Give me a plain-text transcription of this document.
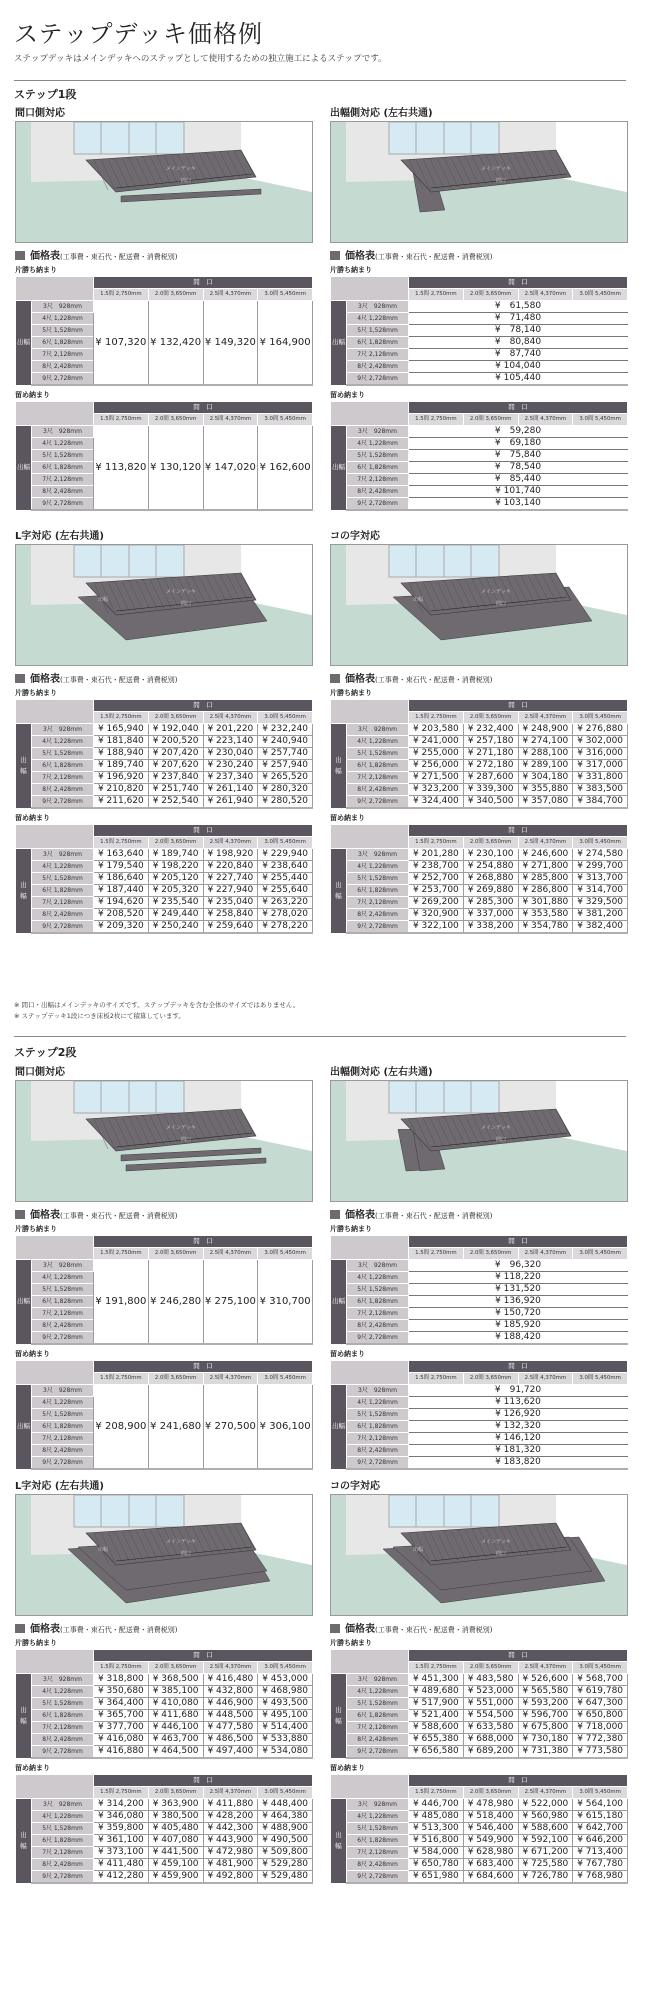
ステップデッキ価格例
ステップデッキはメインデッキへのステップとして使用するための独立施工によるステップです。
ステップ1段
間口側対応
メインデッキ
間口
価格表(工事費・束石代・配送費・消費税別)
片勝ち納まり
		間　口			
		1.5間 2,750mm	2.0間 3,650mm	2.5間 4,370mm	3.0間 5,450mm
出幅	3尺　928mm	¥ 107,320	¥ 132,420	¥ 149,320	¥ 164,900
	4尺 1,228mm				
	5尺 1,528mm				
	6尺 1,828mm				
	7尺 2,128mm				
	8尺 2,428mm				
	9尺 2,728mm				
留め納まり
		間　口			
		1.5間 2,750mm	2.0間 3,650mm	2.5間 4,370mm	3.0間 5,450mm
出幅	3尺　928mm	¥ 113,820	¥ 130,120	¥ 147,020	¥ 162,600
	4尺 1,228mm				
	5尺 1,528mm				
	6尺 1,828mm				
	7尺 2,128mm				
	8尺 2,428mm				
	9尺 2,728mm				
出幅側対応 (左右共通)
メインデッキ
間口
価格表(工事費・束石代・配送費・消費税別)
片勝ち納まり
		間　口			
		1.5間 2,750mm	2.0間 3,650mm	2.5間 4,370mm	3.0間 5,450mm
出幅	3尺　928mm	¥　61,580			
	4尺 1,228mm	¥　71,480			
	5尺 1,528mm	¥　78,140			
	6尺 1,828mm	¥　80,840			
	7尺 2,128mm	¥　87,740			
	8尺 2,428mm	¥ 104,040			
	9尺 2,728mm	¥ 105,440			
留め納まり
		間　口			
		1.5間 2,750mm	2.0間 3,650mm	2.5間 4,370mm	3.0間 5,450mm
出幅	3尺　928mm	¥　59,280			
	4尺 1,228mm	¥　69,180			
	5尺 1,528mm	¥　75,840			
	6尺 1,828mm	¥　78,540			
	7尺 2,128mm	¥　85,440			
	8尺 2,428mm	¥ 101,740			
	9尺 2,728mm	¥ 103,140			
L字対応 (左右共通)
メインデッキ
間口
出幅
価格表(工事費・束石代・配送費・消費税別)
片勝ち納まり
		間　口			
		1.5間 2,750mm	2.0間 3,650mm	2.5間 4,370mm	3.0間 5,450mm
出
幅	3尺　928mm	¥ 165,940	¥ 192,040	¥ 201,220	¥ 232,240
	4尺 1,228mm	¥ 181,840	¥ 200,520	¥ 223,140	¥ 240,940
	5尺 1,528mm	¥ 188,940	¥ 207,420	¥ 230,040	¥ 257,740
	6尺 1,828mm	¥ 189,740	¥ 207,620	¥ 230,240	¥ 257,940
	7尺 2,128mm	¥ 196,920	¥ 237,840	¥ 237,340	¥ 265,520
	8尺 2,428mm	¥ 210,820	¥ 251,740	¥ 261,140	¥ 280,320
	9尺 2,728mm	¥ 211,620	¥ 252,540	¥ 261,940	¥ 280,520
留め納まり
		間　口			
		1.5間 2,750mm	2.0間 3,650mm	2.5間 4,370mm	3.0間 5,450mm
出
幅	3尺　928mm	¥ 163,640	¥ 189,740	¥ 198,920	¥ 229,940
	4尺 1,228mm	¥ 179,540	¥ 198,220	¥ 220,840	¥ 238,640
	5尺 1,528mm	¥ 186,640	¥ 205,120	¥ 227,740	¥ 255,440
	6尺 1,828mm	¥ 187,440	¥ 205,320	¥ 227,940	¥ 255,640
	7尺 2,128mm	¥ 194,620	¥ 235,540	¥ 235,040	¥ 263,220
	8尺 2,428mm	¥ 208,520	¥ 249,440	¥ 258,840	¥ 278,020
	9尺 2,728mm	¥ 209,320	¥ 250,240	¥ 259,640	¥ 278,220
コの字対応
メインデッキ
間口
出幅
価格表(工事費・束石代・配送費・消費税別)
片勝ち納まり
		間　口			
		1.5間 2,750mm	2.0間 3,650mm	2.5間 4,370mm	3.0間 5,450mm
出
幅	3尺　928mm	¥ 203,580	¥ 232,400	¥ 248,900	¥ 276,880
	4尺 1,228mm	¥ 241,000	¥ 257,180	¥ 274,100	¥ 302,000
	5尺 1,528mm	¥ 255,000	¥ 271,180	¥ 288,100	¥ 316,000
	6尺 1,828mm	¥ 256,000	¥ 272,180	¥ 289,100	¥ 317,000
	7尺 2,128mm	¥ 271,500	¥ 287,600	¥ 304,180	¥ 331,800
	8尺 2,428mm	¥ 323,200	¥ 339,300	¥ 355,880	¥ 383,500
	9尺 2,728mm	¥ 324,400	¥ 340,500	¥ 357,080	¥ 384,700
留め納まり
		間　口			
		1.5間 2,750mm	2.0間 3,650mm	2.5間 4,370mm	3.0間 5,450mm
出
幅	3尺　928mm	¥ 201,280	¥ 230,100	¥ 246,600	¥ 274,580
	4尺 1,228mm	¥ 238,700	¥ 254,880	¥ 271,800	¥ 299,700
	5尺 1,528mm	¥ 252,700	¥ 268,880	¥ 285,800	¥ 313,700
	6尺 1,828mm	¥ 253,700	¥ 269,880	¥ 286,800	¥ 314,700
	7尺 2,128mm	¥ 269,200	¥ 285,300	¥ 301,880	¥ 329,500
	8尺 2,428mm	¥ 320,900	¥ 337,000	¥ 353,580	¥ 381,200
	9尺 2,728mm	¥ 322,100	¥ 338,200	¥ 354,780	¥ 382,400
※ 間口・出幅はメインデッキのサイズです。ステップデッキを含む全体のサイズではありません。
※ ステップデッキ1段につき床板2枚にて積算しています。
ステップ2段
間口側対応
メインデッキ
間口
価格表(工事費・束石代・配送費・消費税別)
片勝ち納まり
		間　口			
		1.5間 2,750mm	2.0間 3,650mm	2.5間 4,370mm	3.0間 5,450mm
出幅	3尺　928mm	¥ 191,800	¥ 246,280	¥ 275,100	¥ 310,700
	4尺 1,228mm				
	5尺 1,528mm				
	6尺 1,828mm				
	7尺 2,128mm				
	8尺 2,428mm				
	9尺 2,728mm				
留め納まり
		間　口			
		1.5間 2,750mm	2.0間 3,650mm	2.5間 4,370mm	3.0間 5,450mm
出幅	3尺　928mm	¥ 208,900	¥ 241,680	¥ 270,500	¥ 306,100
	4尺 1,228mm				
	5尺 1,528mm				
	6尺 1,828mm				
	7尺 2,128mm				
	8尺 2,428mm				
	9尺 2,728mm				
出幅側対応 (左右共通)
メインデッキ
間口
価格表(工事費・束石代・配送費・消費税別)
片勝ち納まり
		間　口			
		1.5間 2,750mm	2.0間 3,650mm	2.5間 4,370mm	3.0間 5,450mm
出幅	3尺　928mm	¥　96,320			
	4尺 1,228mm	¥ 118,220			
	5尺 1,528mm	¥ 131,520			
	6尺 1,828mm	¥ 136,920			
	7尺 2,128mm	¥ 150,720			
	8尺 2,428mm	¥ 185,920			
	9尺 2,728mm	¥ 188,420			
留め納まり
		間　口			
		1.5間 2,750mm	2.0間 3,650mm	2.5間 4,370mm	3.0間 5,450mm
出幅	3尺　928mm	¥　91,720			
	4尺 1,228mm	¥ 113,620			
	5尺 1,528mm	¥ 126,920			
	6尺 1,828mm	¥ 132,320			
	7尺 2,128mm	¥ 146,120			
	8尺 2,428mm	¥ 181,320			
	9尺 2,728mm	¥ 183,820			
L字対応 (左右共通)
メインデッキ
間口
出幅
価格表(工事費・束石代・配送費・消費税別)
片勝ち納まり
		間　口			
		1.5間 2,750mm	2.0間 3,650mm	2.5間 4,370mm	3.0間 5,450mm
出
幅	3尺　928mm	¥ 318,800	¥ 368,500	¥ 416,480	¥ 453,000
	4尺 1,228mm	¥ 350,680	¥ 385,100	¥ 432,800	¥ 468,980
	5尺 1,528mm	¥ 364,400	¥ 410,080	¥ 446,900	¥ 493,500
	6尺 1,828mm	¥ 365,700	¥ 411,680	¥ 448,500	¥ 495,100
	7尺 2,128mm	¥ 377,700	¥ 446,100	¥ 477,580	¥ 514,400
	8尺 2,428mm	¥ 416,080	¥ 463,700	¥ 486,500	¥ 533,880
	9尺 2,728mm	¥ 416,880	¥ 464,500	¥ 497,400	¥ 534,080
留め納まり
		間　口			
		1.5間 2,750mm	2.0間 3,650mm	2.5間 4,370mm	3.0間 5,450mm
出
幅	3尺　928mm	¥ 314,200	¥ 363,900	¥ 411,880	¥ 448,400
	4尺 1,228mm	¥ 346,080	¥ 380,500	¥ 428,200	¥ 464,380
	5尺 1,528mm	¥ 359,800	¥ 405,480	¥ 442,300	¥ 488,900
	6尺 1,828mm	¥ 361,100	¥ 407,080	¥ 443,900	¥ 490,500
	7尺 2,128mm	¥ 373,100	¥ 441,500	¥ 472,980	¥ 509,800
	8尺 2,428mm	¥ 411,480	¥ 459,100	¥ 481,900	¥ 529,280
	9尺 2,728mm	¥ 412,280	¥ 459,900	¥ 492,800	¥ 529,480
コの字対応
メインデッキ
間口
出幅
価格表(工事費・束石代・配送費・消費税別)
片勝ち納まり
		間　口			
		1.5間 2,750mm	2.0間 3,650mm	2.5間 4,370mm	3.0間 5,450mm
出
幅	3尺　928mm	¥ 451,300	¥ 483,580	¥ 526,600	¥ 568,700
	4尺 1,228mm	¥ 489,680	¥ 523,000	¥ 565,580	¥ 619,780
	5尺 1,528mm	¥ 517,900	¥ 551,000	¥ 593,200	¥ 647,300
	6尺 1,828mm	¥ 521,400	¥ 554,500	¥ 596,700	¥ 650,800
	7尺 2,128mm	¥ 588,600	¥ 633,580	¥ 675,800	¥ 718,000
	8尺 2,428mm	¥ 655,380	¥ 688,000	¥ 730,180	¥ 772,380
	9尺 2,728mm	¥ 656,580	¥ 689,200	¥ 731,380	¥ 773,580
留め納まり
		間　口			
		1.5間 2,750mm	2.0間 3,650mm	2.5間 4,370mm	3.0間 5,450mm
出
幅	3尺　928mm	¥ 446,700	¥ 478,980	¥ 522,000	¥ 564,100
	4尺 1,228mm	¥ 485,080	¥ 518,400	¥ 560,980	¥ 615,180
	5尺 1,528mm	¥ 513,300	¥ 546,400	¥ 588,600	¥ 642,700
	6尺 1,828mm	¥ 516,800	¥ 549,900	¥ 592,100	¥ 646,200
	7尺 2,128mm	¥ 584,000	¥ 628,980	¥ 671,200	¥ 713,400
	8尺 2,428mm	¥ 650,780	¥ 683,400	¥ 725,580	¥ 767,780
	9尺 2,728mm	¥ 651,980	¥ 684,600	¥ 726,780	¥ 768,980
